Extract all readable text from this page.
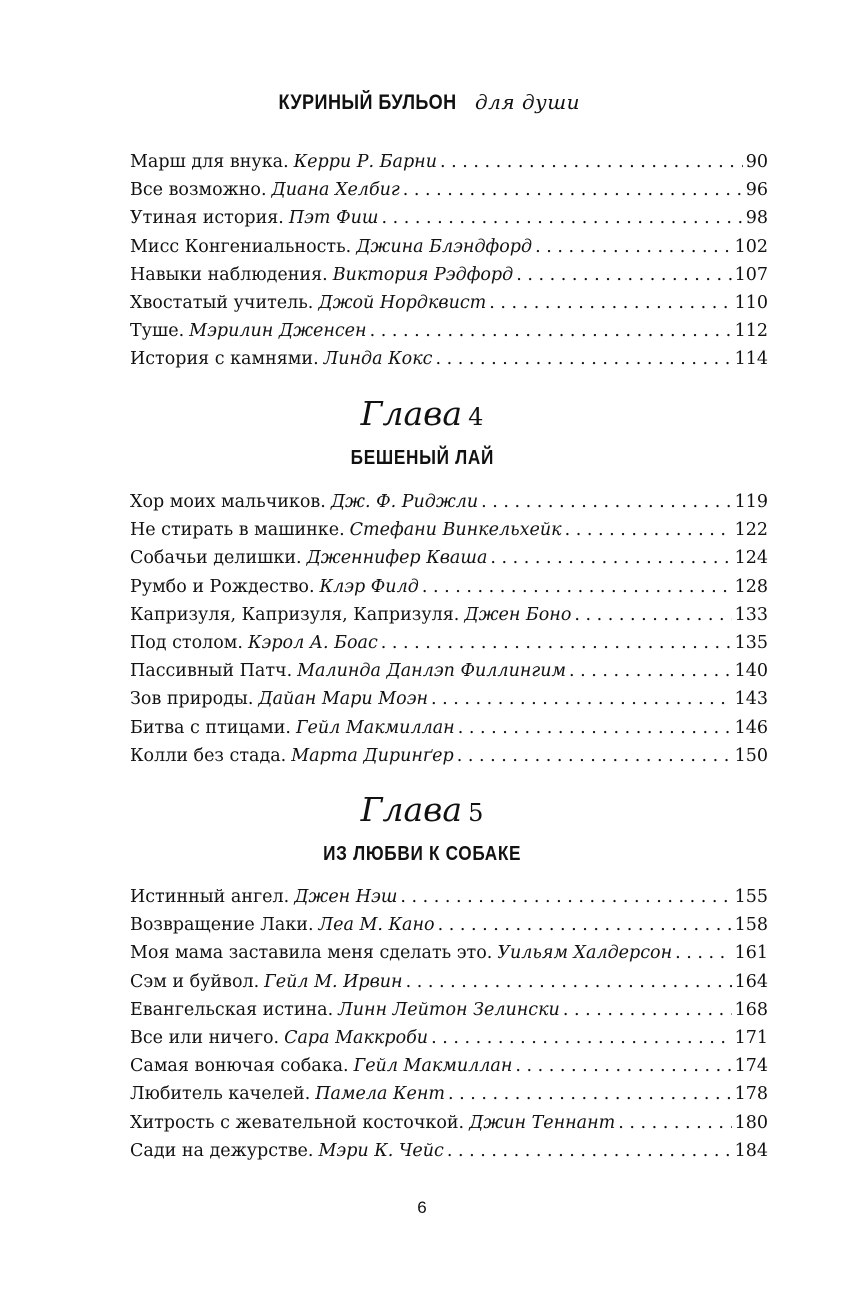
КУРИНЫЙ БУЛЬОН для души
Марш для внука. Керри Р. Барни . . .	90
Все возможно. Диана Хелбиг . . .	96
Утиная история. Пэт Фиш . . .	98
Мисс Конгениальность. Джина Блэндфорд . . .	102
Навыки наблюдения. Виктория Рэдфорд . . .	107
Хвостатый учитель. Джой Нордквист . . .	110
Туше. Мэрилин Дженсен . . .	112
История с камнями. Линда Кокс . . .	114
Глава 4
БЕШЕНЫЙ ЛАЙ
Хор моих мальчиков. Дж. Ф. Риджли . . .	119
Не стирать в машинке. Стефани Винкельхейк . . .	122
Собачьи делишки. Дженнифер Кваша . . .	124
Румбо и Рождество. Клэр Филд . . .	128
Капризуля, Капризуля, Капризуля. Джен Боно . . .	133
Под столом. Кэрол А. Боас . . .	135
Пассивный Патч. Малинда Данлэп Филлингим . . .	140
Зов природы. Дайан Мари Моэн . . .	143
Битва с птицами. Гейл Макмиллан . . .	146
Колли без стада. Марта Диринґер . . .	150
Глава 5
ИЗ ЛЮБВИ К СОБАКЕ
Истинный ангел. Джен Нэш . . .	155
Возвращение Лаки. Леа М. Кано . . .	158
Моя мама заставила меня сделать это. Уильям Халдерсон . . .	161
Сэм и буйвол. Гейл М. Ирвин . . .	164
Евангельская истина. Линн Лейтон Зелински . . .	168
Все или ничего. Сара Маккроби . . .	171
Самая вонючая собака. Гейл Макмиллан . . .	174
Любитель качелей. Памела Кент . . .	178
Хитрость с жевательной косточкой. Джин Теннант . . .	180
Сади на дежурстве. Мэри К. Чейс . . .	184
6
